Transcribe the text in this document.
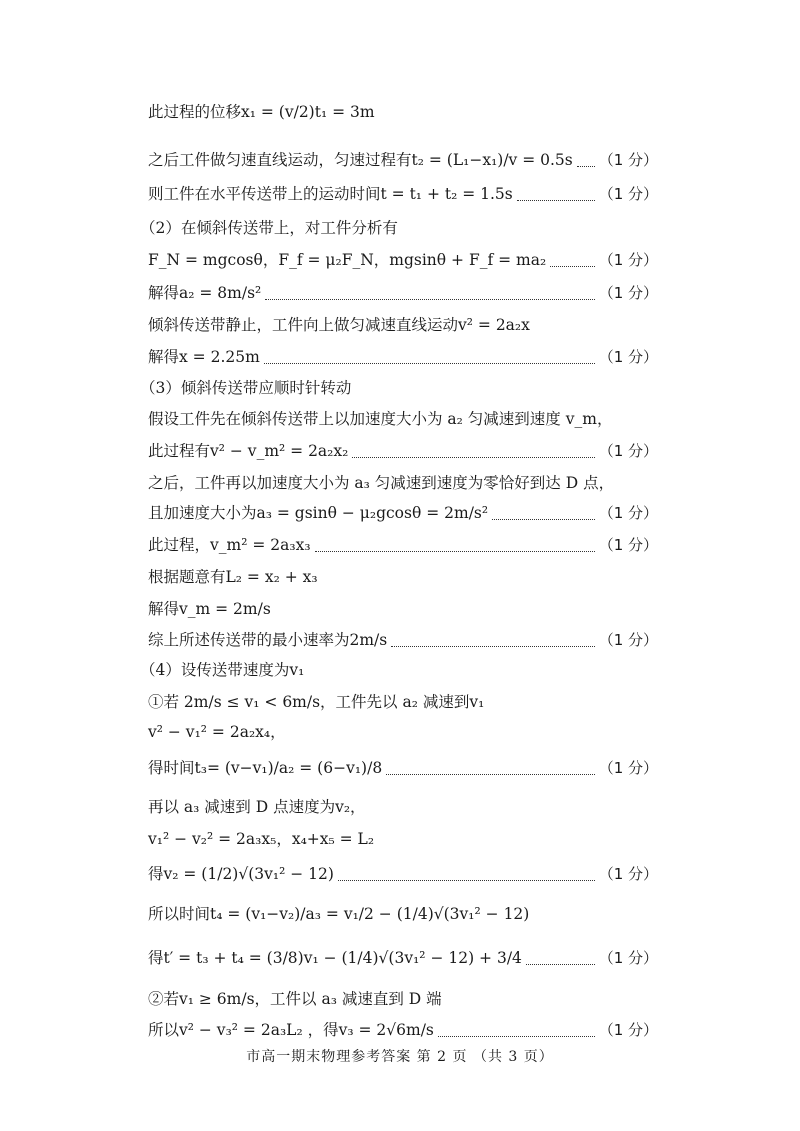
此过程的位移x₁ = (v/2)t₁ = 3m
之后工件做匀速直线运动，匀速过程有t₂ = (L₁−x₁)/v = 0.5s （1 分）
则工件在水平传送带上的运动时间t = t₁ + t₂ = 1.5s	（1 分）
（2）在倾斜传送带上，对工件分析有
F_N = mgcosθ，F_f = μ₂F_N，mgsinθ + F_f = ma₂	（1 分）
解得a₂ = 8m/s²	（1 分）
倾斜传送带静止，工件向上做匀减速直线运动v² = 2a₂x
解得x = 2.25m	（1 分）
（3）倾斜传送带应顺时针转动
假设工件先在倾斜传送带上以加速度大小为 a₂ 匀减速到速度 v_m，
此过程有v² − v_m² = 2a₂x₂	（1 分）
之后，工件再以加速度大小为 a₃ 匀减速到速度为零恰好到达 D 点，
且加速度大小为a₃ = gsinθ − μ₂gcosθ = 2m/s²	（1 分）
此过程，v_m² = 2a₃x₃	（1 分）
根据题意有L₂ = x₂ + x₃
解得v_m = 2m/s
综上所述传送带的最小速率为2m/s	（1 分）
（4）设传送带速度为v₁
①若 2m/s ≤ v₁ < 6m/s，工件先以 a₂ 减速到v₁
v² − v₁² = 2a₂x₄，
得时间t₃= (v−v₁)/a₂ = (6−v₁)/8	（1 分）
再以 a₃ 减速到 D 点速度为v₂，
v₁² − v₂² = 2a₃x₅，x₄+x₅ = L₂
得v₂ = (1/2)√(3v₁² − 12)	（1 分）
所以时间t₄ = (v₁−v₂)/a₃ = v₁/2 − (1/4)√(3v₁² − 12)
得t′ = t₃ + t₄ = (3/8)v₁ − (1/4)√(3v₁² − 12) + 3/4	（1 分）
②若v₁ ≥ 6m/s，工件以 a₃ 减速直到 D 端
所以v² − v₃² = 2a₃L₂ ，得v₃ = 2√6m/s	（1 分）
市高一期末物理参考答案 第 2 页 （共 3 页）
